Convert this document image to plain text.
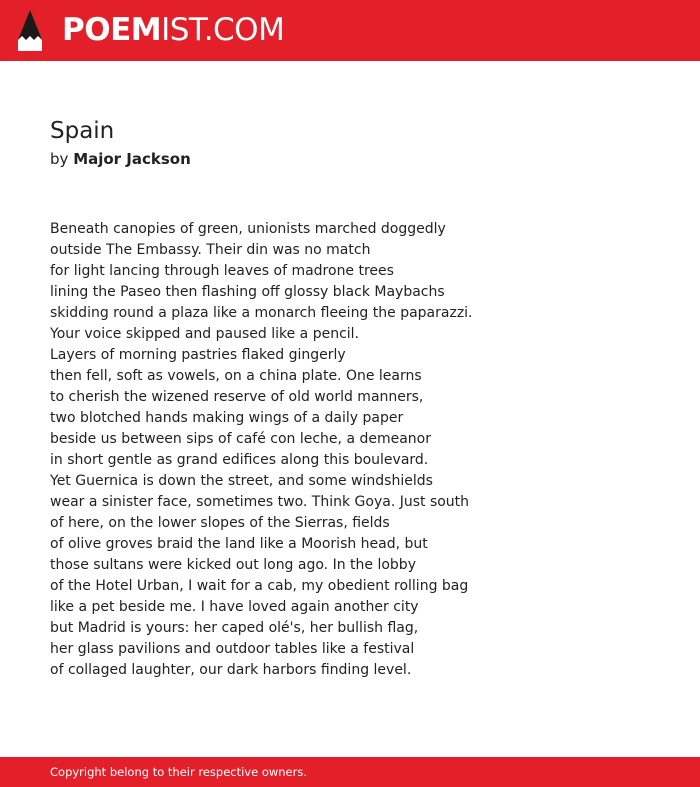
POEMIST.COM
Spain
by Major Jackson
Beneath canopies of green, unionists marched doggedly
outside The Embassy. Their din was no match
for light lancing through leaves of madrone trees
lining the Paseo then flashing off glossy black Maybachs
skidding round a plaza like a monarch fleeing the paparazzi.
Your voice skipped and paused like a pencil.
Layers of morning pastries flaked gingerly
then fell, soft as vowels, on a china plate. One learns
to cherish the wizened reserve of old world manners,
two blotched hands making wings of a daily paper
beside us between sips of café con leche, a demeanor
in short gentle as grand edifices along this boulevard.
Yet Guernica is down the street, and some windshields
wear a sinister face, sometimes two. Think Goya. Just south
of here, on the lower slopes of the Sierras, fields
of olive groves braid the land like a Moorish head, but
those sultans were kicked out long ago. In the lobby
of the Hotel Urban, I wait for a cab, my obedient rolling bag
like a pet beside me. I have loved again another city
but Madrid is yours: her caped olé's, her bullish flag,
her glass pavilions and outdoor tables like a festival
of collaged laughter, our dark harbors finding level.
Copyright belong to their respective owners.
